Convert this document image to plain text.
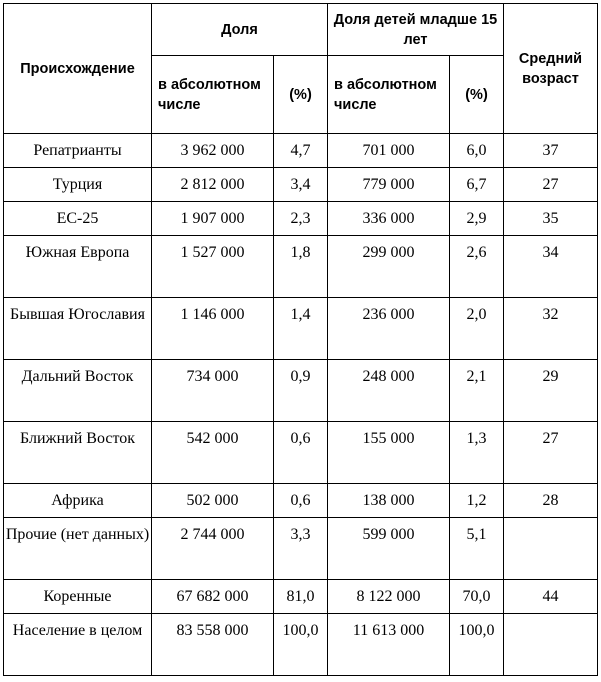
Происхождение	Доля		Доля детей младше 15 лет		Средний возраст
	в абсолютном числе	(%)	в абсолютном числе	(%)	
Репатрианты	3 962 000	4,7	701 000	6,0	37
Турция	2 812 000	3,4	779 000	6,7	27
ЕС-25	1 907 000	2,3	336 000	2,9	35
Южная Европа	1 527 000	1,8	299 000	2,6	34
Бывшая Югославия	1 146 000	1,4	236 000	2,0	32
Дальний Восток	734 000	0,9	248 000	2,1	29
Ближний Восток	542 000	0,6	155 000	1,3	27
Африка	502 000	0,6	138 000	1,2	28
Прочие (нет данных)	2 744 000	3,3	599 000	5,1	
Коренные	67 682 000	81,0	8 122 000	70,0	44
Население в целом	83 558 000	100,0	11 613 000	100,0	
